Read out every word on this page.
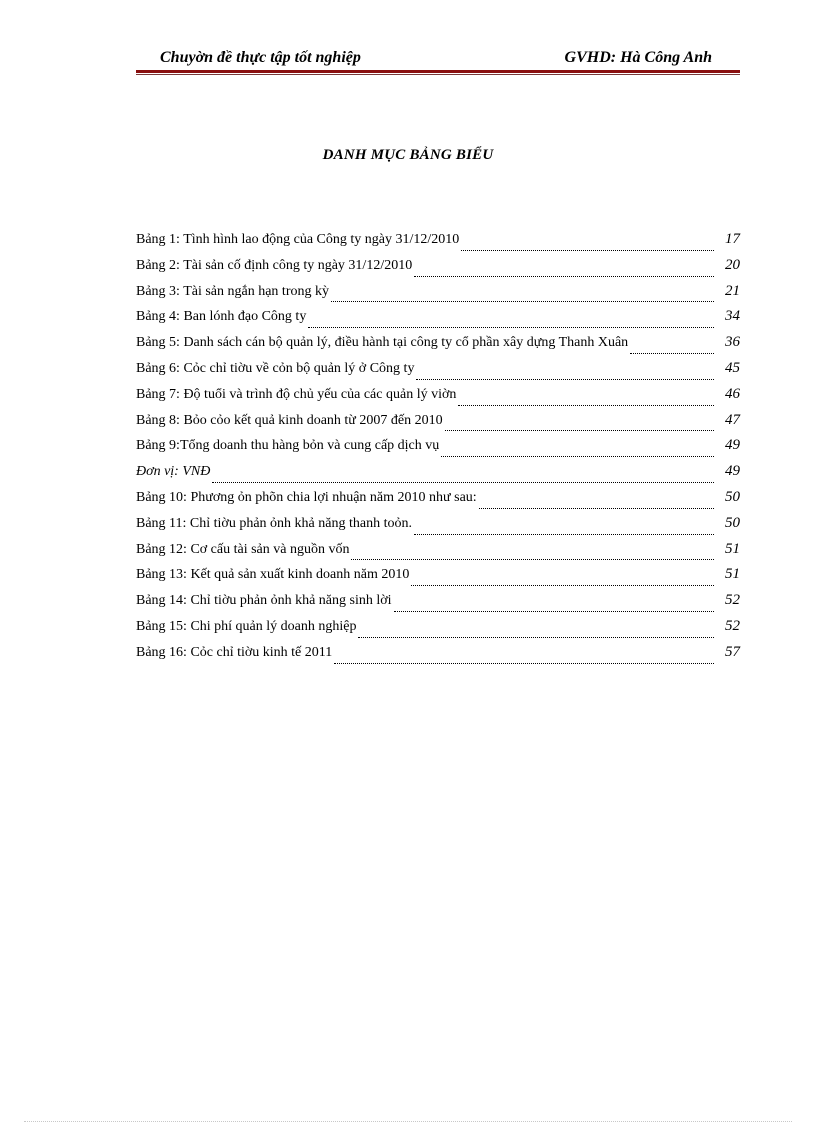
Chuyờn đề thực tập tốt nghiệp	GVHD: Hà Công Anh
DANH MỤC BẢNG BIỂU
Bảng 1: Tình hình lao động của Công ty ngày 31/12/2010	17
Bảng 2: Tài sản cố định công ty ngày 31/12/2010	20
Bảng 3: Tài sản ngắn hạn trong kỳ	21
Bảng 4: Ban lónh đạo Công ty	34
Bảng 5: Danh sách cán bộ quản lý, điều hành tại công ty cổ phần xây dựng Thanh Xuân	36
Bảng 6: Cỏc chỉ tiờu về cỏn bộ quản lý ở Công ty	45
Bảng 7: Độ tuổi và trình độ chủ yếu của các quản lý viờn	46
Bảng 8: Bỏo cỏo kết quả kinh doanh từ 2007 đến 2010	47
Bảng 9:Tổng doanh thu hàng bỏn và cung cấp dịch vụ	49
Đơn vị: VNĐ	49
Bảng 10: Phương ỏn phõn chia lợi nhuận năm 2010 như sau:	50
Bảng 11: Chỉ tiờu phản ỏnh khả năng thanh toỏn.	50
Bảng 12: Cơ cấu tài sản và nguồn vốn	51
Bảng 13: Kết quả sản xuất kinh doanh năm 2010	51
Bảng 14: Chỉ tiờu phản ỏnh khả năng sinh lời	52
Bảng 15: Chi phí quản lý doanh nghiệp	52
Bảng 16: Cỏc chỉ tiờu kinh tế 2011	57
